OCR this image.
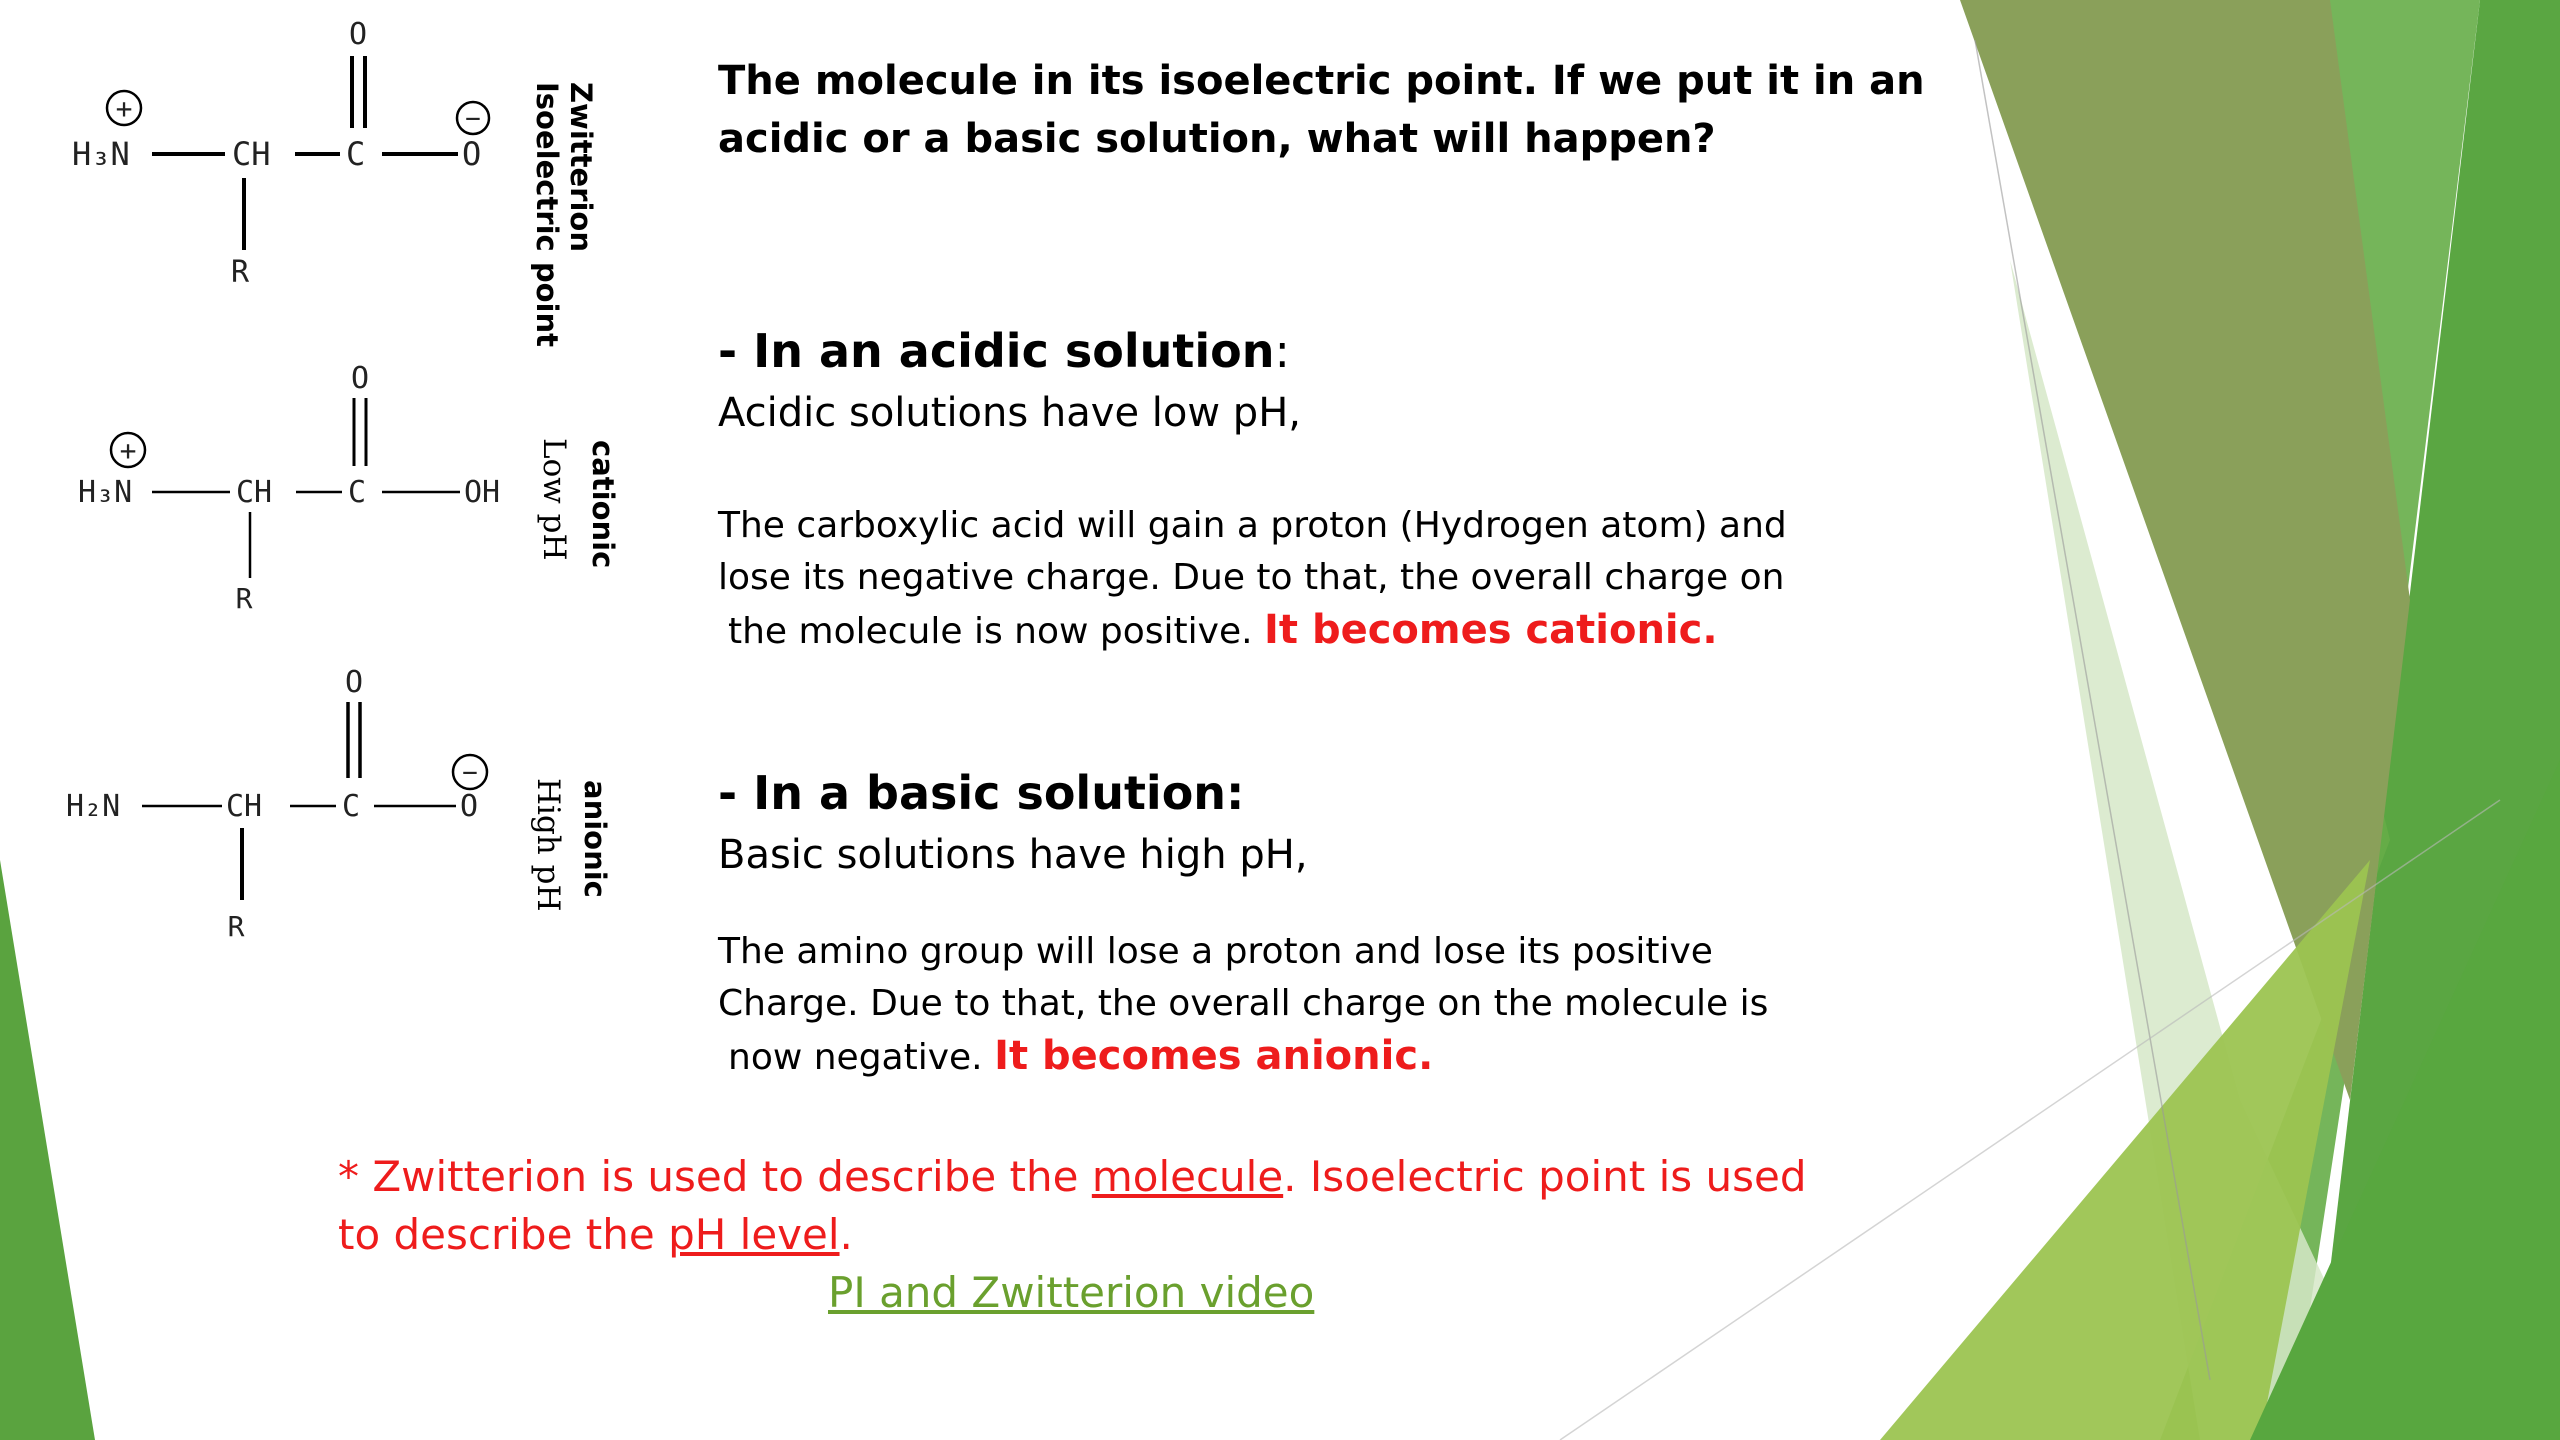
O
+
H₃N	CH C	O
−
R
O
+
H₃N	CH	C	OH
R
O
−
H₂N	CH	C	O
R
Zwitterion
Isoelectric point
cationic
Low pH
anionic
High pH
The molecule in its isoelectric point. If we put it in an acidic or a basic solution, what will happen?
- In an acidic solution:
Acidic solutions have low pH,
The carboxylic acid will gain a proton (Hydrogen atom) and
lose its negative charge. Due to that, the overall charge on
the molecule is now positive. It becomes cationic.
- In a basic solution:
Basic solutions have high pH,
The amino group will lose a proton and lose its positive
Charge. Due to that, the overall charge on the molecule is
now negative. It becomes anionic.
* Zwitterion is used to describe the molecule. Isoelectric point is used to describe the pH level.
PI and Zwitterion video
